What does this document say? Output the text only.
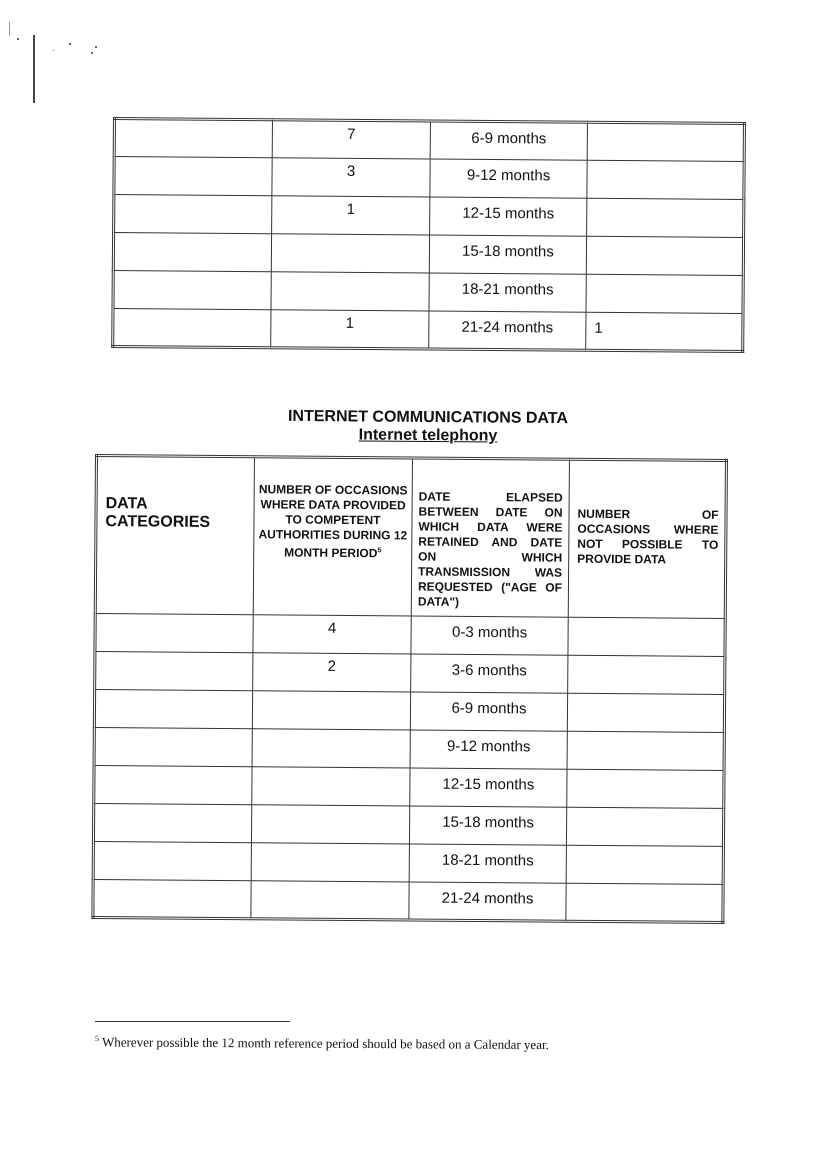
	7	6-9 months	
	3	9-12 months	
	1	12-15 months	
		15-18 months	
		18-21 months	
	1	21-24 months	1
INTERNET COMMUNICATIONS DATA
Internet telephony
DATA
CATEGORIES	NUMBER OF OCCASIONS WHERE DATA PROVIDED TO COMPETENT AUTHORITIES DURING 12 MONTH PERIOD$^5$	DATE ELAPSED BETWEEN DATE ON WHICH DATA WERE RETAINED AND DATE ON WHICH TRANSMISSION WAS REQUESTED ("AGE OF DATA")	NUMBER OF OCCASIONS WHERE NOT POSSIBLE TO PROVIDE DATA
	4	0-3 months	
	2	3-6 months	
		6-9 months	
		9-12 months	
		12-15 months	
		15-18 months	
		18-21 months	
		21-24 months	
$^5$ Wherever possible the 12 month reference period should be based on a Calendar year.
